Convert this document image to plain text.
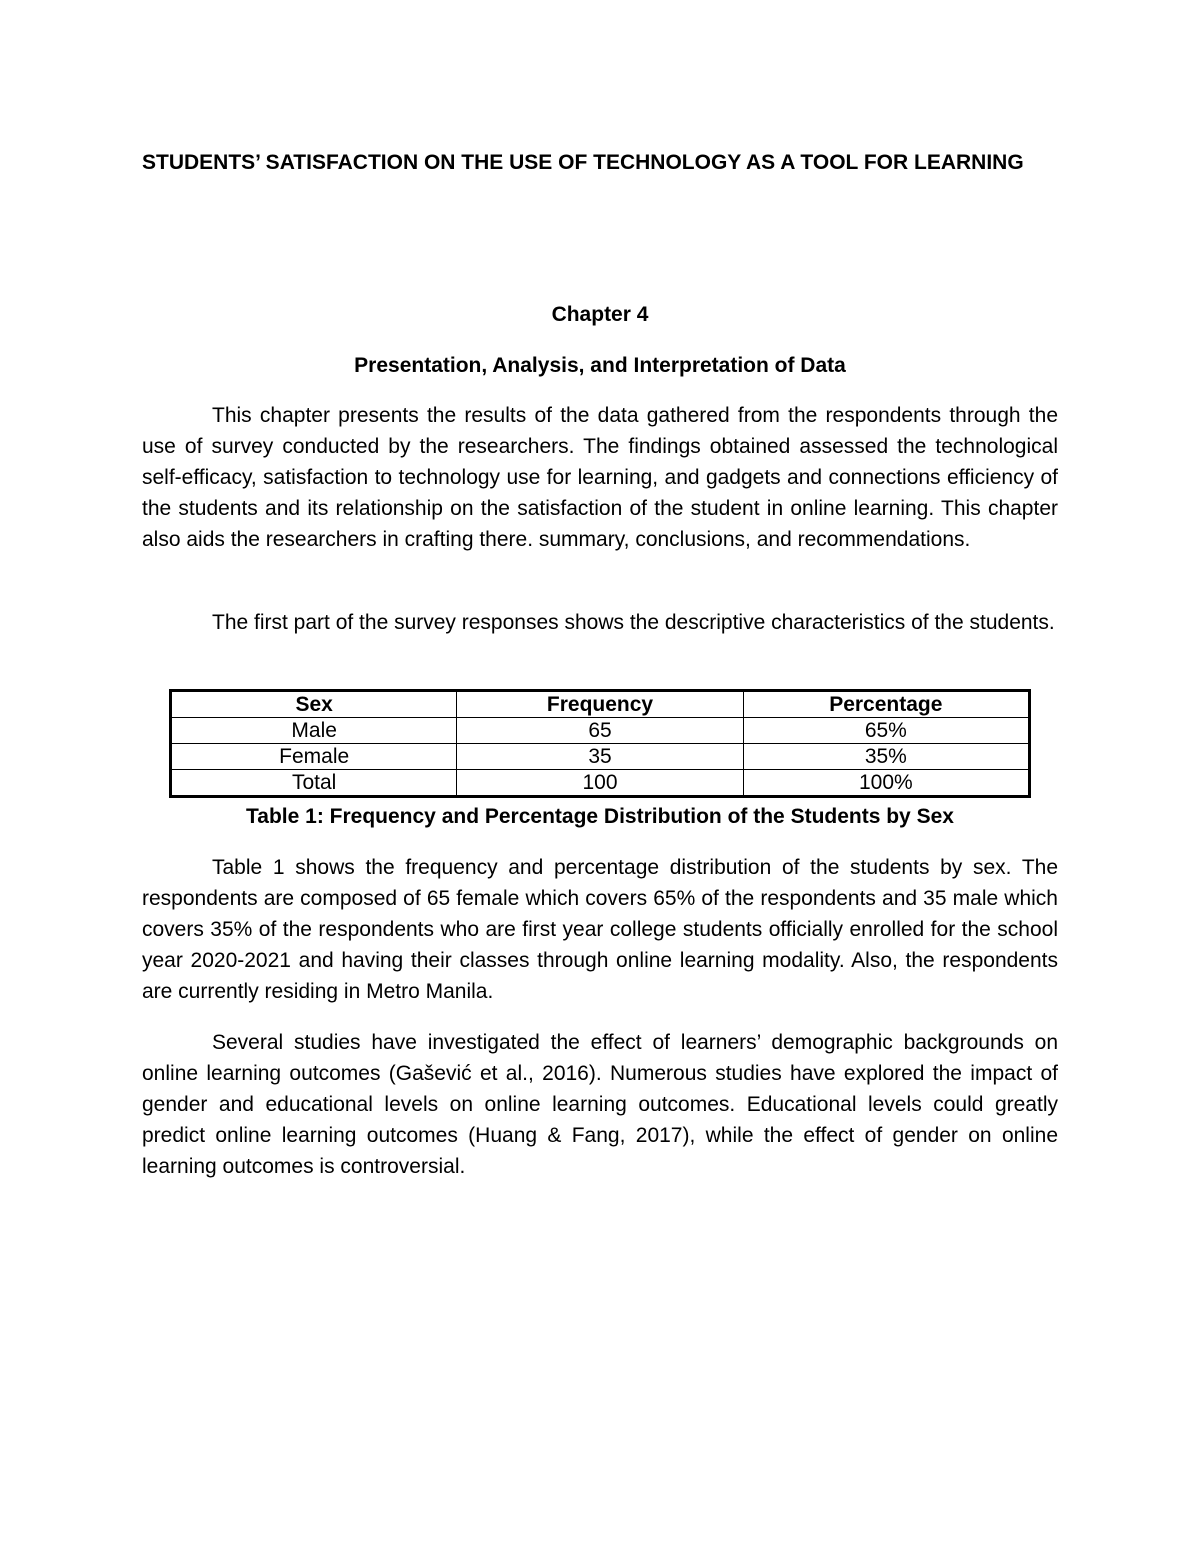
STUDENTS’ SATISFACTION ON THE USE OF TECHNOLOGY AS A TOOL FOR LEARNING

Chapter 4

Presentation, Analysis, and Interpretation of Data

This chapter presents the results of the data gathered from the respondents through the use of survey conducted by the researchers. The findings obtained assessed the technological self-efficacy, satisfaction to technology use for learning, and gadgets and connections efficiency of the students and its relationship on the satisfaction of the student in online learning. This chapter also aids the researchers in crafting there. summary, conclusions, and recommendations.

The first part of the survey responses shows the descriptive characteristics of the students.

Sex	Frequency	Percentage
Male	65	65%
Female	35	35%
Total	100	100%

Table 1: Frequency and Percentage Distribution of the Students by Sex

Table 1 shows the frequency and percentage distribution of the students by sex. The respondents are composed of 65 female which covers 65% of the respondents and 35 male which covers 35% of the respondents who are first year college students officially enrolled for the school year 2020-2021 and having their classes through online learning modality. Also, the respondents are currently residing in Metro Manila.

Several studies have investigated the effect of learners’ demographic backgrounds on online learning outcomes (Gašević et al., 2016). Numerous studies have explored the impact of gender and educational levels on online learning outcomes. Educational levels could greatly predict online learning outcomes (Huang & Fang, 2017), while the effect of gender on online learning outcomes is controversial.
